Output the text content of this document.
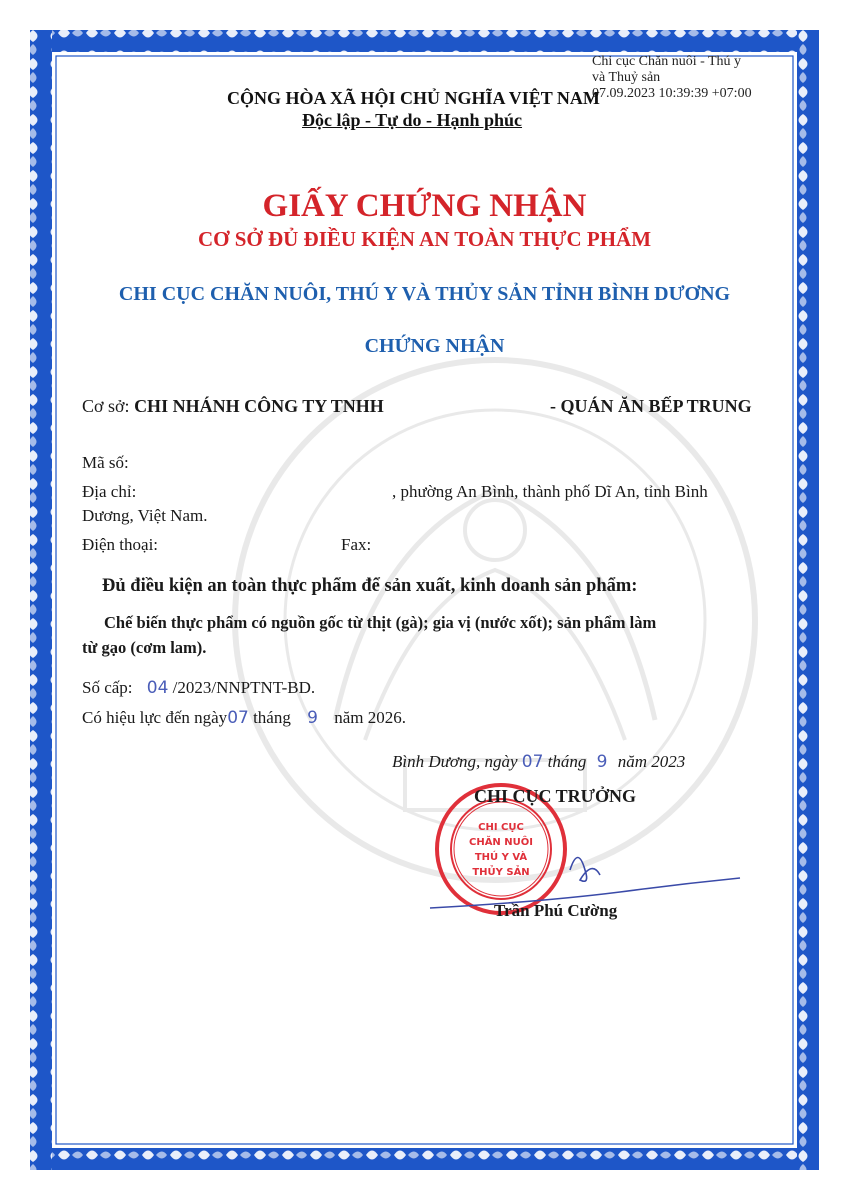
Chi cục Chăn nuôi - Thú y
và Thuỷ sản
07.09.2023 10:39:39 +07:00
CỘNG HÒA XÃ HỘI CHỦ NGHĨA VIỆT NAM
Độc lập - Tự do - Hạnh phúc
GIẤY CHỨNG NHẬN
CƠ SỞ ĐỦ ĐIỀU KIỆN AN TOÀN THỰC PHẨM
CHI CỤC CHĂN NUÔI, THÚ Y VÀ THỦY SẢN TỈNH BÌNH DƯƠNG
CHỨNG NHẬN
Cơ sở: CHI NHÁNH CÔNG TY TNHH	- QUÁN ĂN BẾP TRUNG
Mã số:
Địa chỉ:	, phường An Bình, thành phố Dĩ An, tỉnh Bình
Dương, Việt Nam.
Điện thoại:	Fax:
Đủ điều kiện an toàn thực phẩm để sản xuất, kinh doanh sản phẩm:
Chế biến thực phẩm có nguồn gốc từ thịt (gà); gia vị (nước xốt); sản phẩm làm
từ gạo (cơm lam).
Số cấp: 04 /2023/NNPTNT-BD.
Có hiệu lực đến ngày07 tháng 9 năm 2026.
Bình Dương, ngày 07 tháng 9 năm 2023
CHI CỤC
CHĂN NUÔI
THÚ Y VÀ
THỦY SẢN
CHI CỤC TRƯỞNG
Trần Phú Cường
